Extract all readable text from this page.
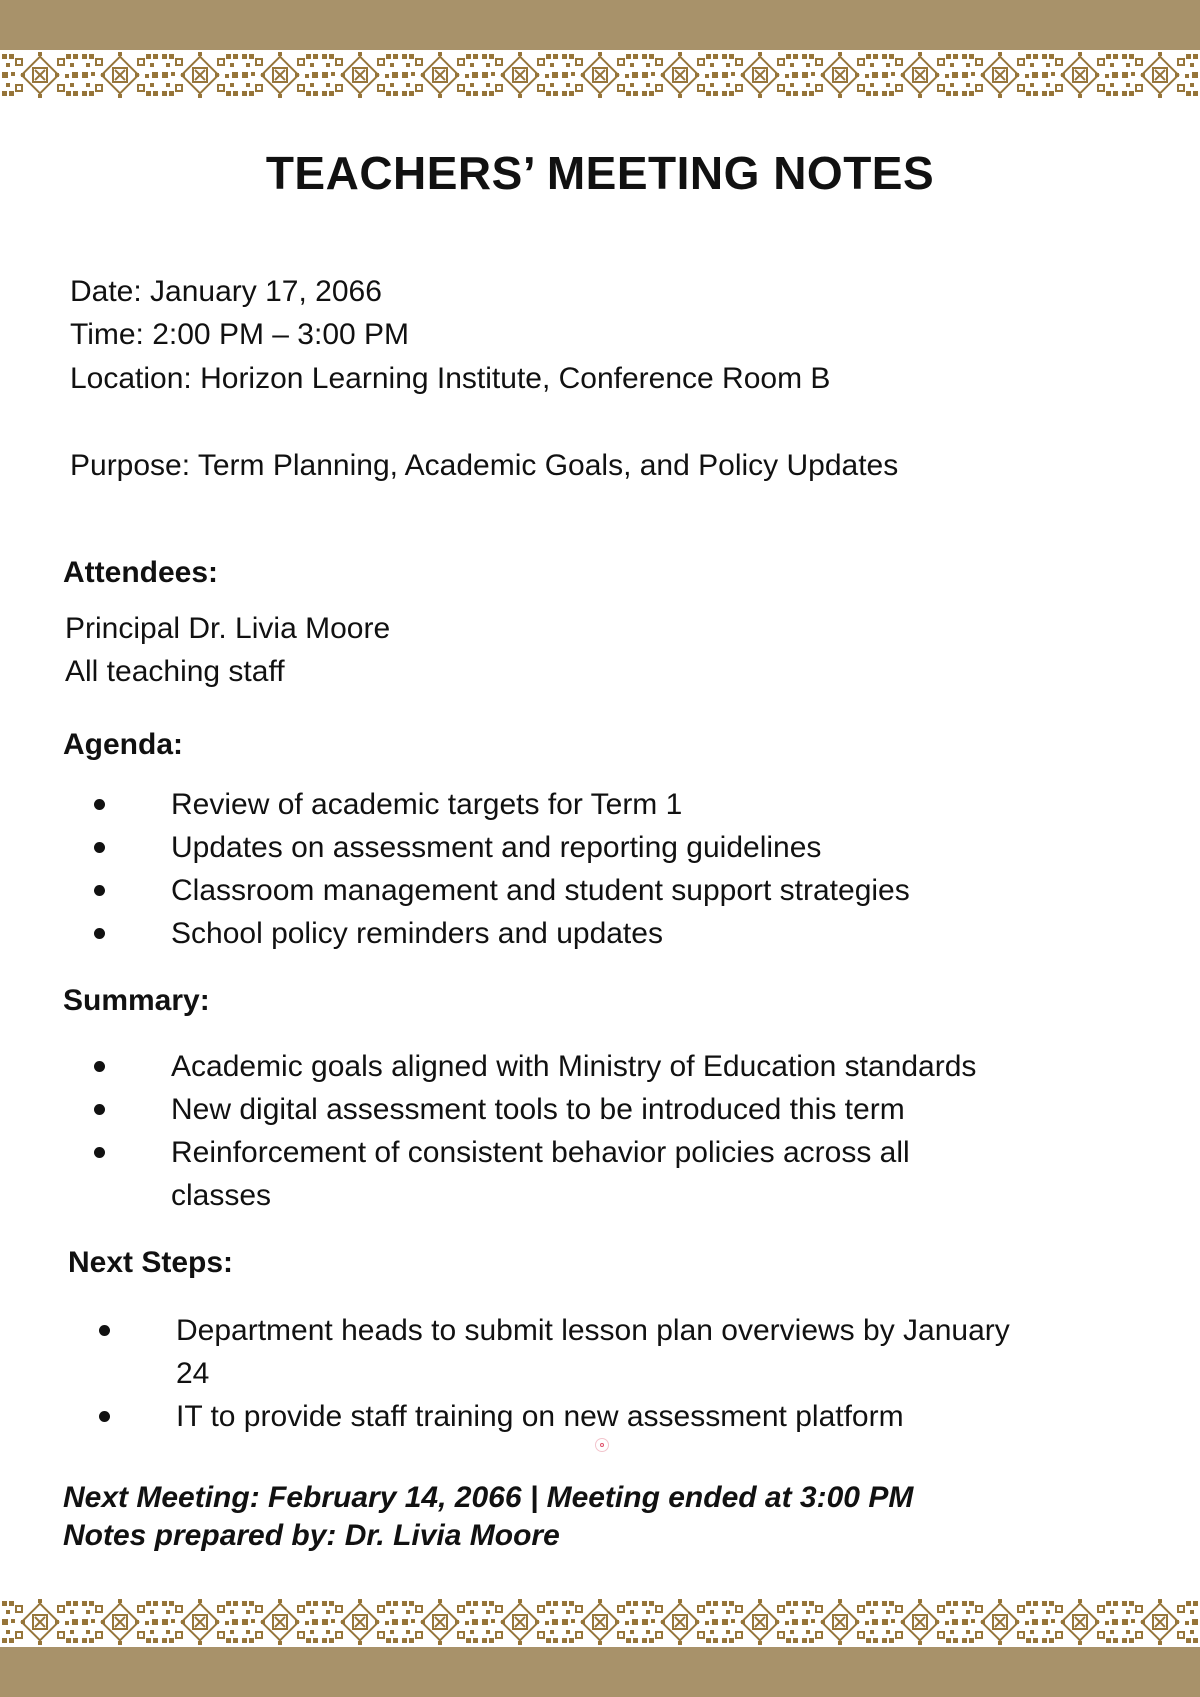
TEACHERS’ MEETING NOTES

Date: January 17, 2066

Time: 2:00 PM – 3:00 PM

Location: Horizon Learning Institute, Conference Room B

Purpose: Term Planning, Academic Goals, and Policy Updates

Attendees:

Principal Dr. Livia Moore

All teaching staff

Agenda:
Review of academic targets for Term 1
Updates on assessment and reporting guidelines
Classroom management and student support strategies
School policy reminders and updates
Summary:
Academic goals aligned with Ministry of Education standards
New digital assessment tools to be introduced this term
Reinforcement of consistent behavior policies across all classes
Next Steps:
Department heads to submit lesson plan overviews by January 24
IT to provide staff training on new assessment platform

Next Meeting: February 14, 2066 | Meeting ended at 3:00 PM

Notes prepared by: Dr. Livia Moore
